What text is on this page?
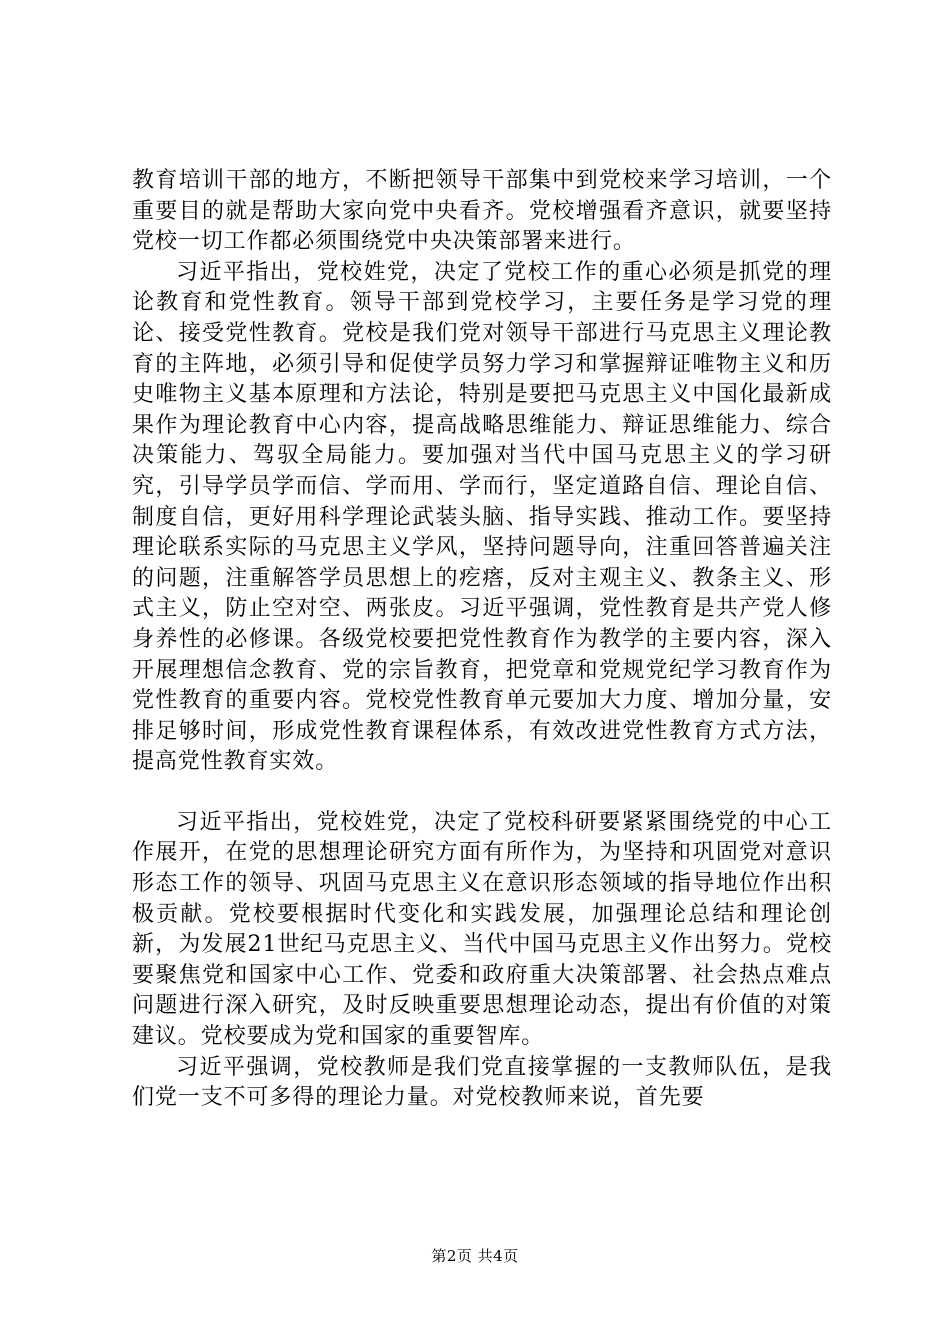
教育培训干部的地方，不断把领导干部集中到党校来学习培训，一个重要目的就是帮助大家向党中央看齐。党校增强看齐意识，就要坚持党校一切工作都必须围绕党中央决策部署来进行。

习近平指出，党校姓党，决定了党校工作的重心必须是抓党的理论教育和党性教育。领导干部到党校学习，主要任务是学习党的理论、接受党性教育。党校是我们党对领导干部进行马克思主义理论教育的主阵地，必须引导和促使学员努力学习和掌握辩证唯物主义和历史唯物主义基本原理和方法论，特别是要把马克思主义中国化最新成果作为理论教育中心内容，提高战略思维能力、辩证思维能力、综合决策能力、驾驭全局能力。要加强对当代中国马克思主义的学习研究，引导学员学而信、学而用、学而行，坚定道路自信、理论自信、制度自信，更好用科学理论武装头脑、指导实践、推动工作。要坚持理论联系实际的马克思主义学风，坚持问题导向，注重回答普遍关注的问题，注重解答学员思想上的疙瘩，反对主观主义、教条主义、形式主义，防止空对空、两张皮。习近平强调，党性教育是共产党人修身养性的必修课。各级党校要把党性教育作为教学的主要内容，深入开展理想信念教育、党的宗旨教育，把党章和党规党纪学习教育作为党性教育的重要内容。党校党性教育单元要加大力度、增加分量，安排足够时间，形成党性教育课程体系，有效改进党性教育方式方法，提高党性教育实效。

习近平指出，党校姓党，决定了党校科研要紧紧围绕党的中心工作展开，在党的思想理论研究方面有所作为，为坚持和巩固党对意识形态工作的领导、巩固马克思主义在意识形态领域的指导地位作出积极贡献。党校要根据时代变化和实践发展，加强理论总结和理论创新，为发展21世纪马克思主义、当代中国马克思主义作出努力。党校要聚焦党和国家中心工作、党委和政府重大决策部署、社会热点难点问题进行深入研究，及时反映重要思想理论动态，提出有价值的对策建议。党校要成为党和国家的重要智库。

习近平强调，党校教师是我们党直接掌握的一支教师队伍，是我们党一支不可多得的理论力量。对党校教师来说，首先要

第2页 共4页
